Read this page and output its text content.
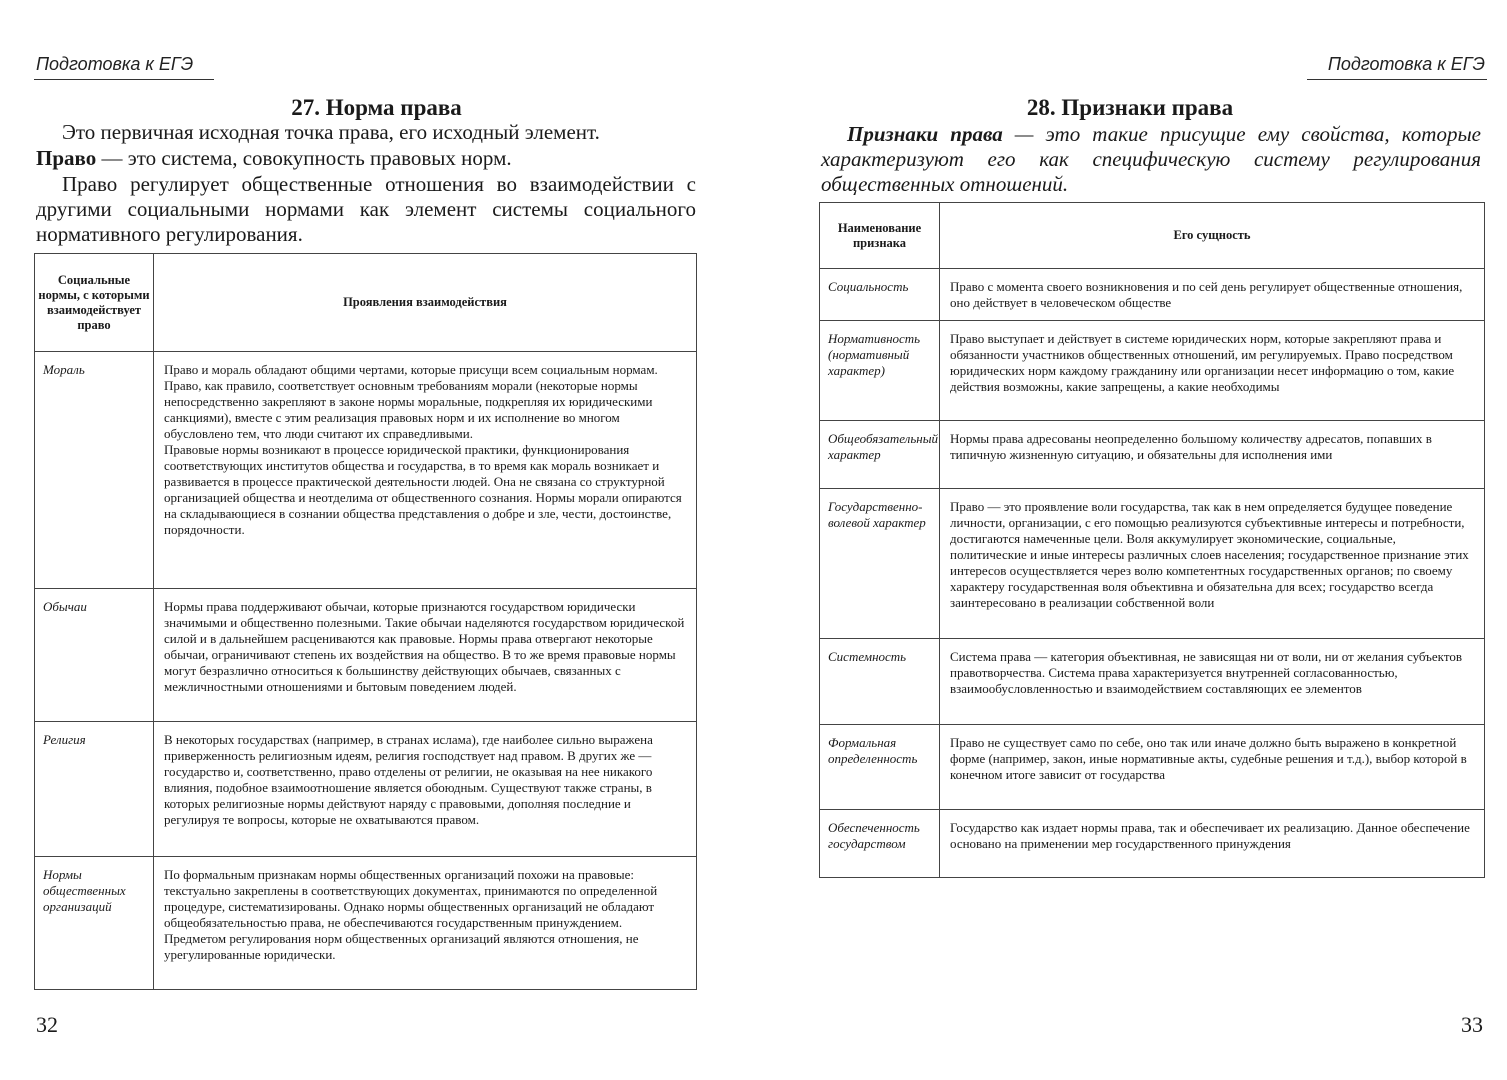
Подготовка к ЕГЭ
27. Норма права

Это первичная исходная точка права, его исходный элемент.

Право — это система, совокупность правовых норм.

Право регулирует общественные отношения во взаимодействии с другими социальными нормами как элемент системы социального нормативного регулирования.

Социальные нормы, с которыми взаимодействует право	Проявления взаимодействия
Мораль	Право и мораль обладают общими чертами, которые присущи всем социальным нормам. Право, как правило, соответствует основным требованиям морали (некоторые нормы непосредственно закрепляют в законе нормы моральные, подкрепляя их юридическими санкциями), вместе с этим реализация правовых норм и их исполнение во многом обусловлено тем, что люди считают их справедливыми.
Правовые нормы возникают в процессе юридической практики, функционирования соответствующих институтов общества и государства, в то время как мораль возникает и развивается в процессе практической деятельности людей. Она не связана со структурной организацией общества и неотделима от общественного сознания. Нормы морали опираются на складывающиеся в сознании общества представления о добре и зле, чести, достоинстве, порядочности.
Обычаи	Нормы права поддерживают обычаи, которые признаются государством юридически значимыми и общественно полезными. Такие обычаи наделяются государством юридической силой и в дальнейшем расцениваются как правовые. Нормы права отвергают некоторые обычаи, ограничивают степень их воздействия на общество. В то же время правовые нормы могут безразлично относиться к большинству действующих обычаев, связанных с межличностными отношениями и бытовым поведением людей.
Религия	В некоторых государствах (например, в странах ислама), где наиболее сильно выражена приверженность религиозным идеям, религия господствует над правом. В других же — государство и, соответственно, право отделены от религии, не оказывая на нее никакого влияния, подобное взаимоотношение является обоюдным. Существуют также страны, в которых религиозные нормы действуют наряду с правовыми, дополняя последние и регулируя те вопросы, которые не охватываются правом.
Нормы общественных организаций	По формальным признакам нормы общественных организаций похожи на правовые: текстуально закреплены в соответствующих документах, принимаются по определенной процедуре, систематизированы. Однако нормы общественных организаций не обладают общеобязательностью права, не обеспечиваются государственным принуждением. Предметом регулирования норм общественных организаций являются отношения, не урегулированные юридически.
32
Подготовка к ЕГЭ
28. Признаки права

Признаки права — это такие присущие ему свойства, которые характеризуют его как специфическую систему регулирования общественных отношений.

Наименование признака	Его сущность
Социальность	Право с момента своего возникновения и по сей день регулирует общественные отношения, оно действует в человеческом обществе
Нормативность (нормативный характер)	Право выступает и действует в системе юридических норм, которые закрепляют права и обязанности участников общественных отношений, им регулируемых. Право посредством юридических норм каждому гражданину или организации несет информацию о том, какие действия возможны, какие запрещены, а какие необходимы
Общеобязательный характер	Нормы права адресованы неопределенно большому количеству адресатов, попавших в типичную жизненную ситуацию, и обязательны для исполнения ими
Государственно-волевой характер	Право — это проявление воли государства, так как в нем определяется будущее поведение личности, организации, с его помощью реализуются субъективные интересы и потребности, достигаются намеченные цели. Воля аккумулирует экономические, социальные, политические и иные интересы различных слоев населения; государственное признание этих интересов осуществляется через волю компетентных государственных органов; по своему характеру государственная воля объективна и обязательна для всех; государство всегда заинтересовано в реализации собственной воли
Системность	Система права — категория объективная, не зависящая ни от воли, ни от желания субъектов правотворчества. Система права характеризуется внутренней согласованностью, взаимообусловленностью и взаимодействием составляющих ее элементов
Формальная определенность	Право не существует само по себе, оно так или иначе должно быть выражено в конкретной форме (например, закон, иные нормативные акты, судебные решения и т.д.), выбор которой в конечном итоге зависит от государства
Обеспеченность государством	Государство как издает нормы права, так и обеспечивает их реализацию. Данное обеспечение основано на применении мер государственного принуждения
33
